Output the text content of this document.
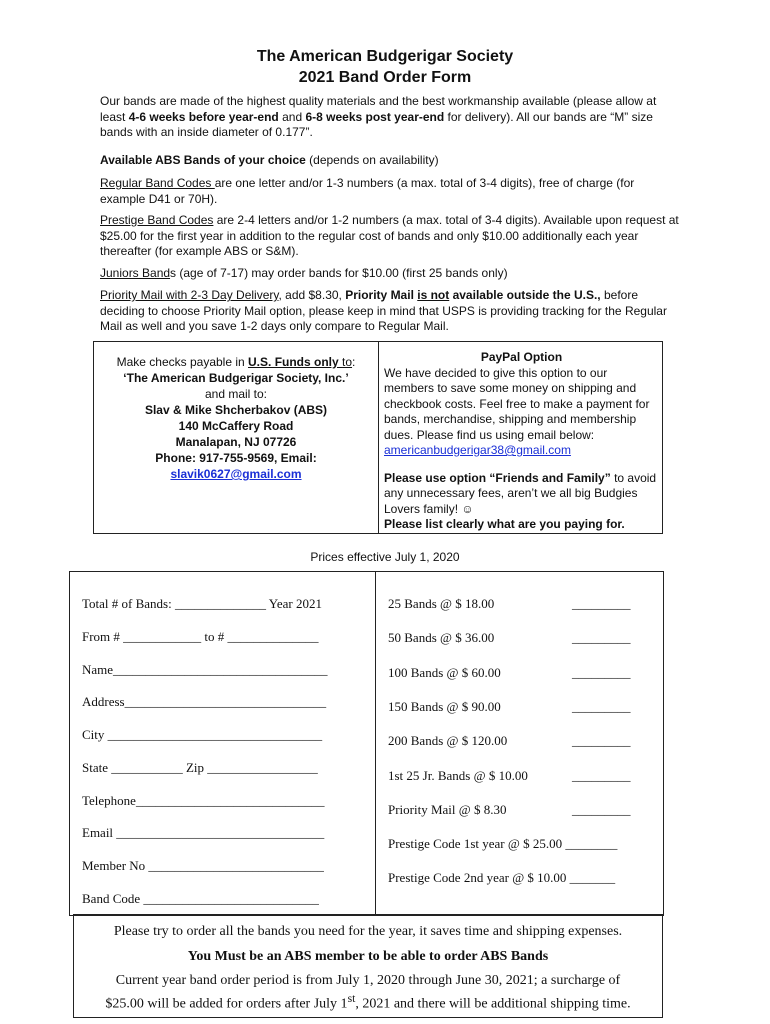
The American Budgerigar Society
2021 Band Order Form
Our bands are made of the highest quality materials and the best workmanship available (please allow at least 4-6 weeks before year-end and 6-8 weeks post year-end for delivery). All our bands are “M” size bands with an inside diameter of 0.177”.
Available ABS Bands of your choice (depends on availability)
Regular Band Codes are one letter and/or 1-3 numbers (a max. total of 3-4 digits), free of charge (for example D41 or 70H).
Prestige Band Codes are 2-4 letters and/or 1-2 numbers (a max. total of 3-4 digits). Available upon request at $25.00 for the first year in addition to the regular cost of bands and only $10.00 additionally each year thereafter (for example ABS or S&M).
Juniors Bands (age of 7-17) may order bands for $10.00 (first 25 bands only)
Priority Mail with 2-3 Day Delivery, add $8.30, Priority Mail is not available outside the U.S., before deciding to choose Priority Mail option, please keep in mind that USPS is providing tracking for the Regular Mail as well and you save 1-2 days only compare to Regular Mail.
Make checks payable in U.S. Funds only to:
‘The American Budgerigar Society, Inc.’
and mail to:
Slav & Mike Shcherbakov (ABS)
140 McCaffery Road
Manalapan, NJ 07726
Phone: 917-755-9569, Email:
slavik0627@gmail.com
PayPal Option
We have decided to give this option to our members to save some money on shipping and checkbook costs. Feel free to make a payment for bands, merchandise, shipping and membership dues. Please find us using email below: americanbudgerigar38@gmail.com
Please use option “Friends and Family” to avoid any unnecessary fees, aren’t we all big Budgies Lovers family! ☺
Please list clearly what are you paying for.
Prices effective July 1, 2020
Total # of Bands: ______________ Year 2021
From # ____________ to # ______________
Name_________________________________
Address_______________________________
City _________________________________
State ___________ Zip _________________
Telephone_____________________________
Email ________________________________
Member No ___________________________
Band Code ___________________________
25 Bands @ $ 18.00	_________
50 Bands @ $ 36.00	_________
100 Bands @ $ 60.00	_________
150 Bands @ $ 90.00	_________
200 Bands @ $ 120.00	_________
1st 25 Jr. Bands @ $ 10.00	_________
Priority Mail @ $ 8.30	_________
Prestige Code 1st year @ $ 25.00 ________
Prestige Code 2nd year @ $ 10.00 _______
Please try to order all the bands you need for the year, it saves time and shipping expenses.
You Must be an ABS member to be able to order ABS Bands
Current year band order period is from July 1, 2020 through June 30, 2021; a surcharge of
$25.00 will be added for orders after July 1st, 2021 and there will be additional shipping time.
